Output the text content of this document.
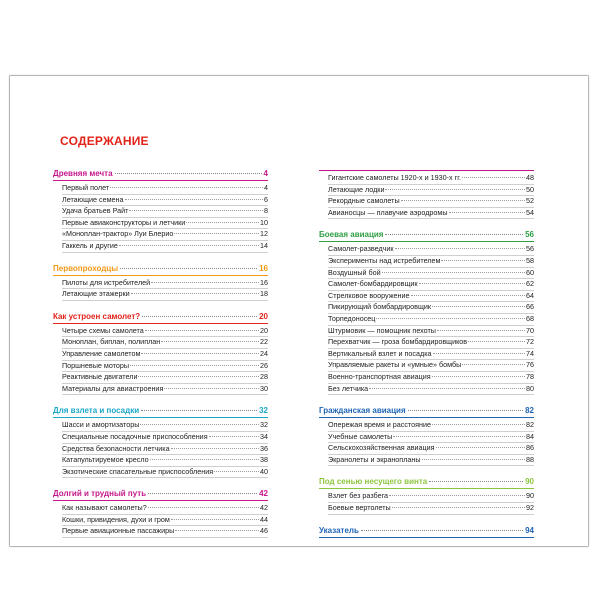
СОДЕРЖАНИЕ
Древняя мечта	4
Первый полет	4
Летающие семена	6
Удача братьев Райт	8
Первые авиаконструкторы и летчики	10
«Моноплан-трактор» Луи Блерио	12
Гаккель и другие	14
Первопроходцы	16
Пилоты для истребителей	16
Летающие этажерки	18
Как устроен самолет?	20
Четыре схемы самолета	20
Моноплан, биплан, полиплан	22
Управление самолетом	24
Поршневые моторы	26
Реактивные двигатели	28
Материалы для авиастроения	30
Для взлета и посадки	32
Шасси и амортизаторы	32
Специальные посадочные приспособления	34
Средства безопасности летчика	36
Катапультируемое кресло	38
Экзотические спасательные приспособления	40
Долгий и трудный путь	42
Как называют самолеты?	42
Кошки, привидения, духи и гром	44
Первые авиационные пассажиры	46
Гигантские самолеты 1920-х и 1930-х гг.	48
Летающие лодки	50
Рекордные самолеты	52
Авианосцы — плавучие аэродромы	54
Боевая авиация	56
Самолет-разведчик	56
Эксперименты над истребителем	58
Воздушный бой	60
Самолет-бомбардировщик	62
Стрелковое вооружение	64
Пикирующий бомбардировщик	66
Торпедоносец	68
Штурмовик — помощник пехоты	70
Перехватчик — гроза бомбардировщиков	72
Вертикальный взлет и посадка	74
Управляемые ракеты и «умные» бомбы	76
Военно-транспортная авиация	78
Без летчика	80
Гражданская авиация	82
Опережая время и расстояние	82
Учебные самолеты	84
Сельскохозяйственная авиация	86
Экранолеты и экранопланы	88
Под сенью несущего винта	90
Взлет без разбега	90
Боевые вертолеты	92
Указатель	94
